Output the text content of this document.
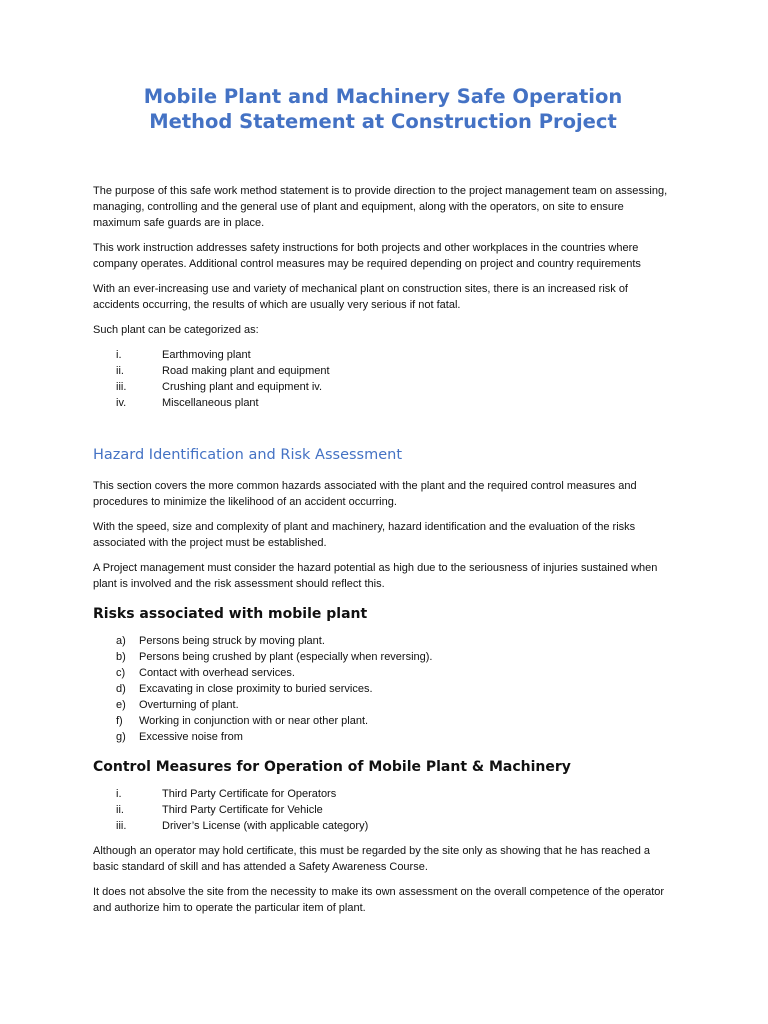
Mobile Plant and Machinery Safe Operation
Method Statement at Construction Project

The purpose of this safe work method statement is to provide direction to the project management team on assessing, managing, controlling and the general use of plant and equipment, along with the operators, on site to ensure maximum safe guards are in place.

This work instruction addresses safety instructions for both projects and other workplaces in the countries where company operates. Additional control measures may be required depending on project and country requirements

With an ever-increasing use and variety of mechanical plant on construction sites, there is an increased risk of accidents occurring, the results of which are usually very serious if not fatal.

Such plant can be categorized as:

i.	Earthmoving plant
ii.	Road making plant and equipment
iii.	Crushing plant and equipment iv.
iv.	Miscellaneous plant
Hazard Identification and Risk Assessment

This section covers the more common hazards associated with the plant and the required control measures and procedures to minimize the likelihood of an accident occurring.

With the speed, size and complexity of plant and machinery, hazard identification and the evaluation of the risks associated with the project must be established.

A Project management must consider the hazard potential as high due to the seriousness of injuries sustained when plant is involved and the risk assessment should reflect this.

Risks associated with mobile plant
a) Persons being struck by moving plant.
b) Persons being crushed by plant (especially when reversing).
c) Contact with overhead services.
d) Excavating in close proximity to buried services.
e) Overturning of plant.
f) Working in conjunction with or near other plant.
g) Excessive noise from
Control Measures for Operation of Mobile Plant & Machinery
i.	Third Party Certificate for Operators
ii.	Third Party Certificate for Vehicle
iii.	Driver’s License (with applicable category)

Although an operator may hold certificate, this must be regarded by the site only as showing that he has reached a basic standard of skill and has attended a Safety Awareness Course.

It does not absolve the site from the necessity to make its own assessment on the overall competence of the operator and authorize him to operate the particular item of plant.
